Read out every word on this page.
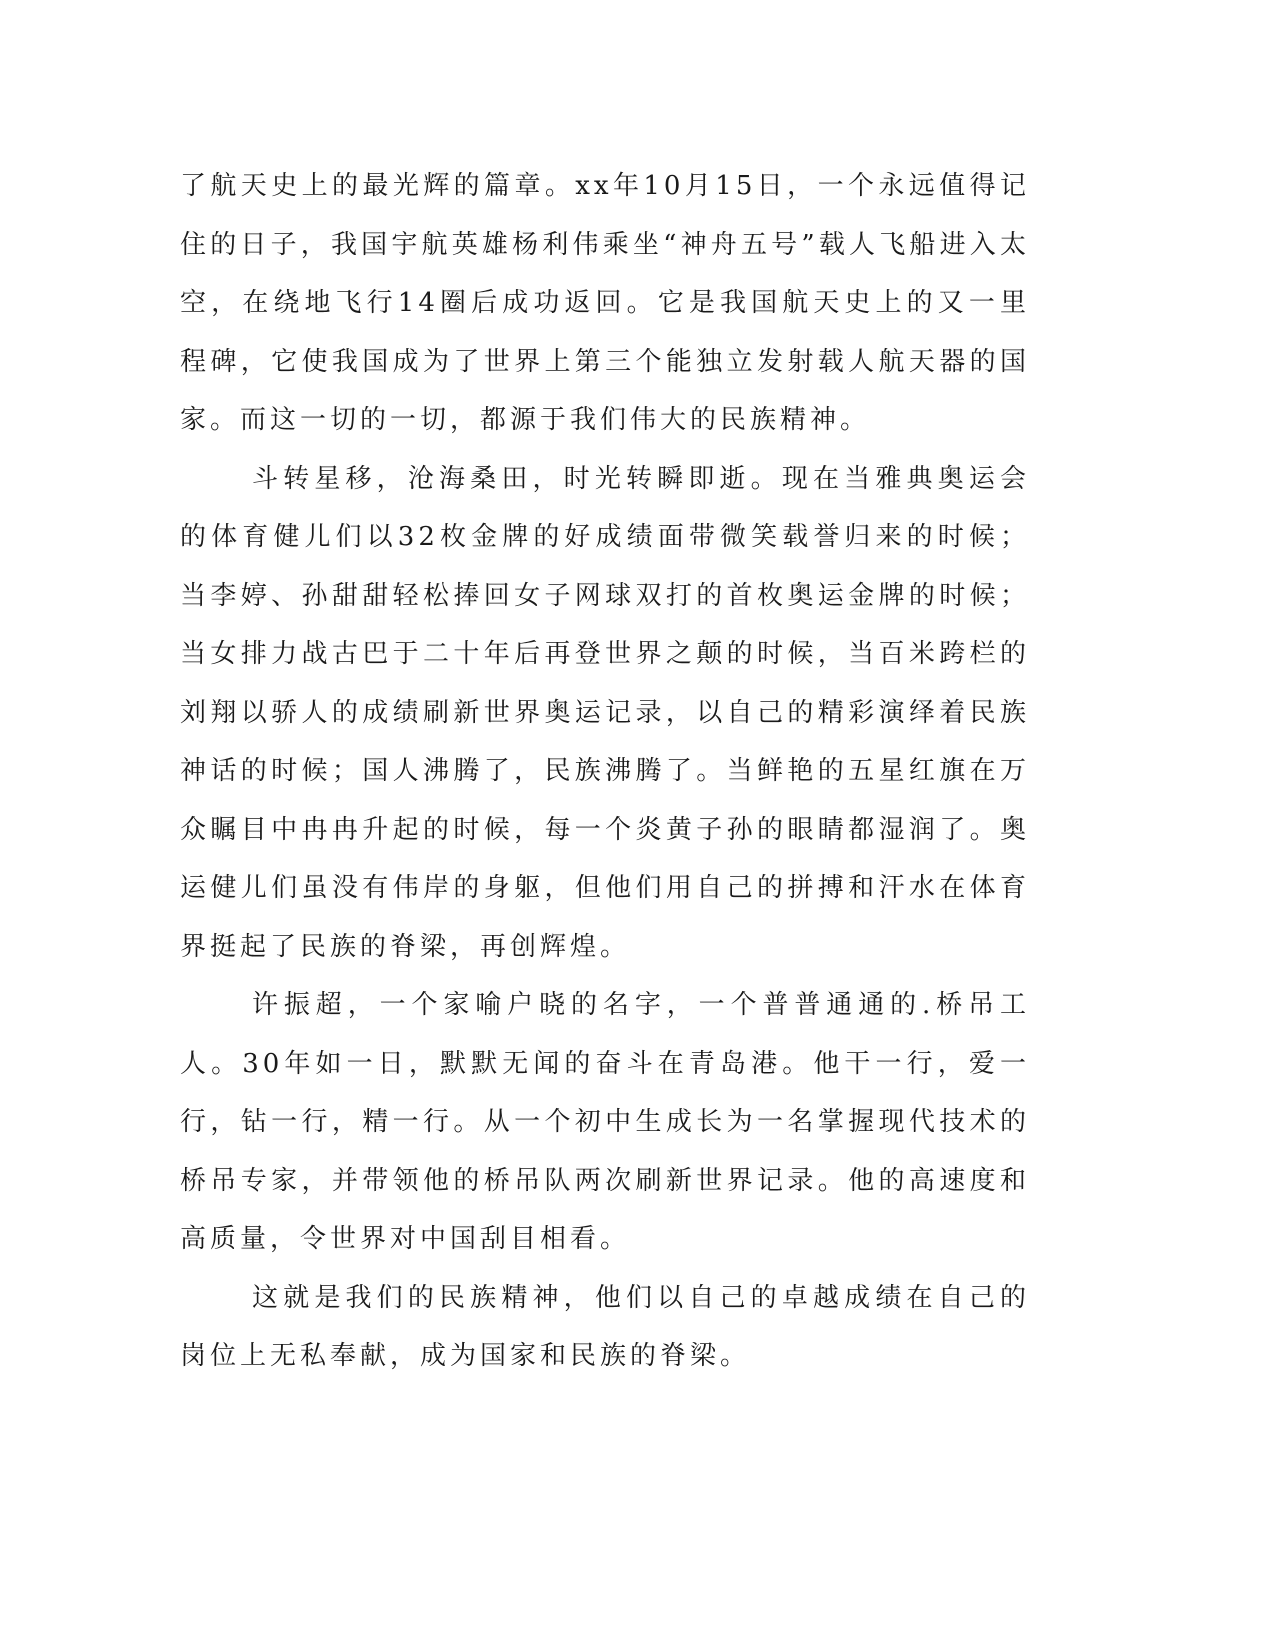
了航天史上的最光辉的篇章。xx年10月15日，一个永远值得记住的日子，我国宇航英雄杨利伟乘坐“神舟五号”载人飞船进入太空，在绕地飞行14圈后成功返回。它是我国航天史上的又一里程碑，它使我国成为了世界上第三个能独立发射载人航天器的国家。而这一切的一切，都源于我们伟大的民族精神。

斗转星移，沧海桑田，时光转瞬即逝。现在当雅典奥运会的体育健儿们以32枚金牌的好成绩面带微笑载誉归来的时候；当李婷、孙甜甜轻松捧回女子网球双打的首枚奥运金牌的时候；当女排力战古巴于二十年后再登世界之颠的时候，当百米跨栏的刘翔以骄人的成绩刷新世界奥运记录，以自己的精彩演绎着民族神话的时候；国人沸腾了，民族沸腾了。当鲜艳的五星红旗在万众瞩目中冉冉升起的时候，每一个炎黄子孙的眼睛都湿润了。奥运健儿们虽没有伟岸的身躯，但他们用自己的拼搏和汗水在体育界挺起了民族的脊梁，再创辉煌。

许振超，一个家喻户晓的名字，一个普普通通的.桥吊工人。30年如一日，默默无闻的奋斗在青岛港。他干一行，爱一行，钻一行，精一行。从一个初中生成长为一名掌握现代技术的桥吊专家，并带领他的桥吊队两次刷新世界记录。他的高速度和高质量，令世界对中国刮目相看。

这就是我们的民族精神，他们以自己的卓越成绩在自己的岗位上无私奉献，成为国家和民族的脊梁。
